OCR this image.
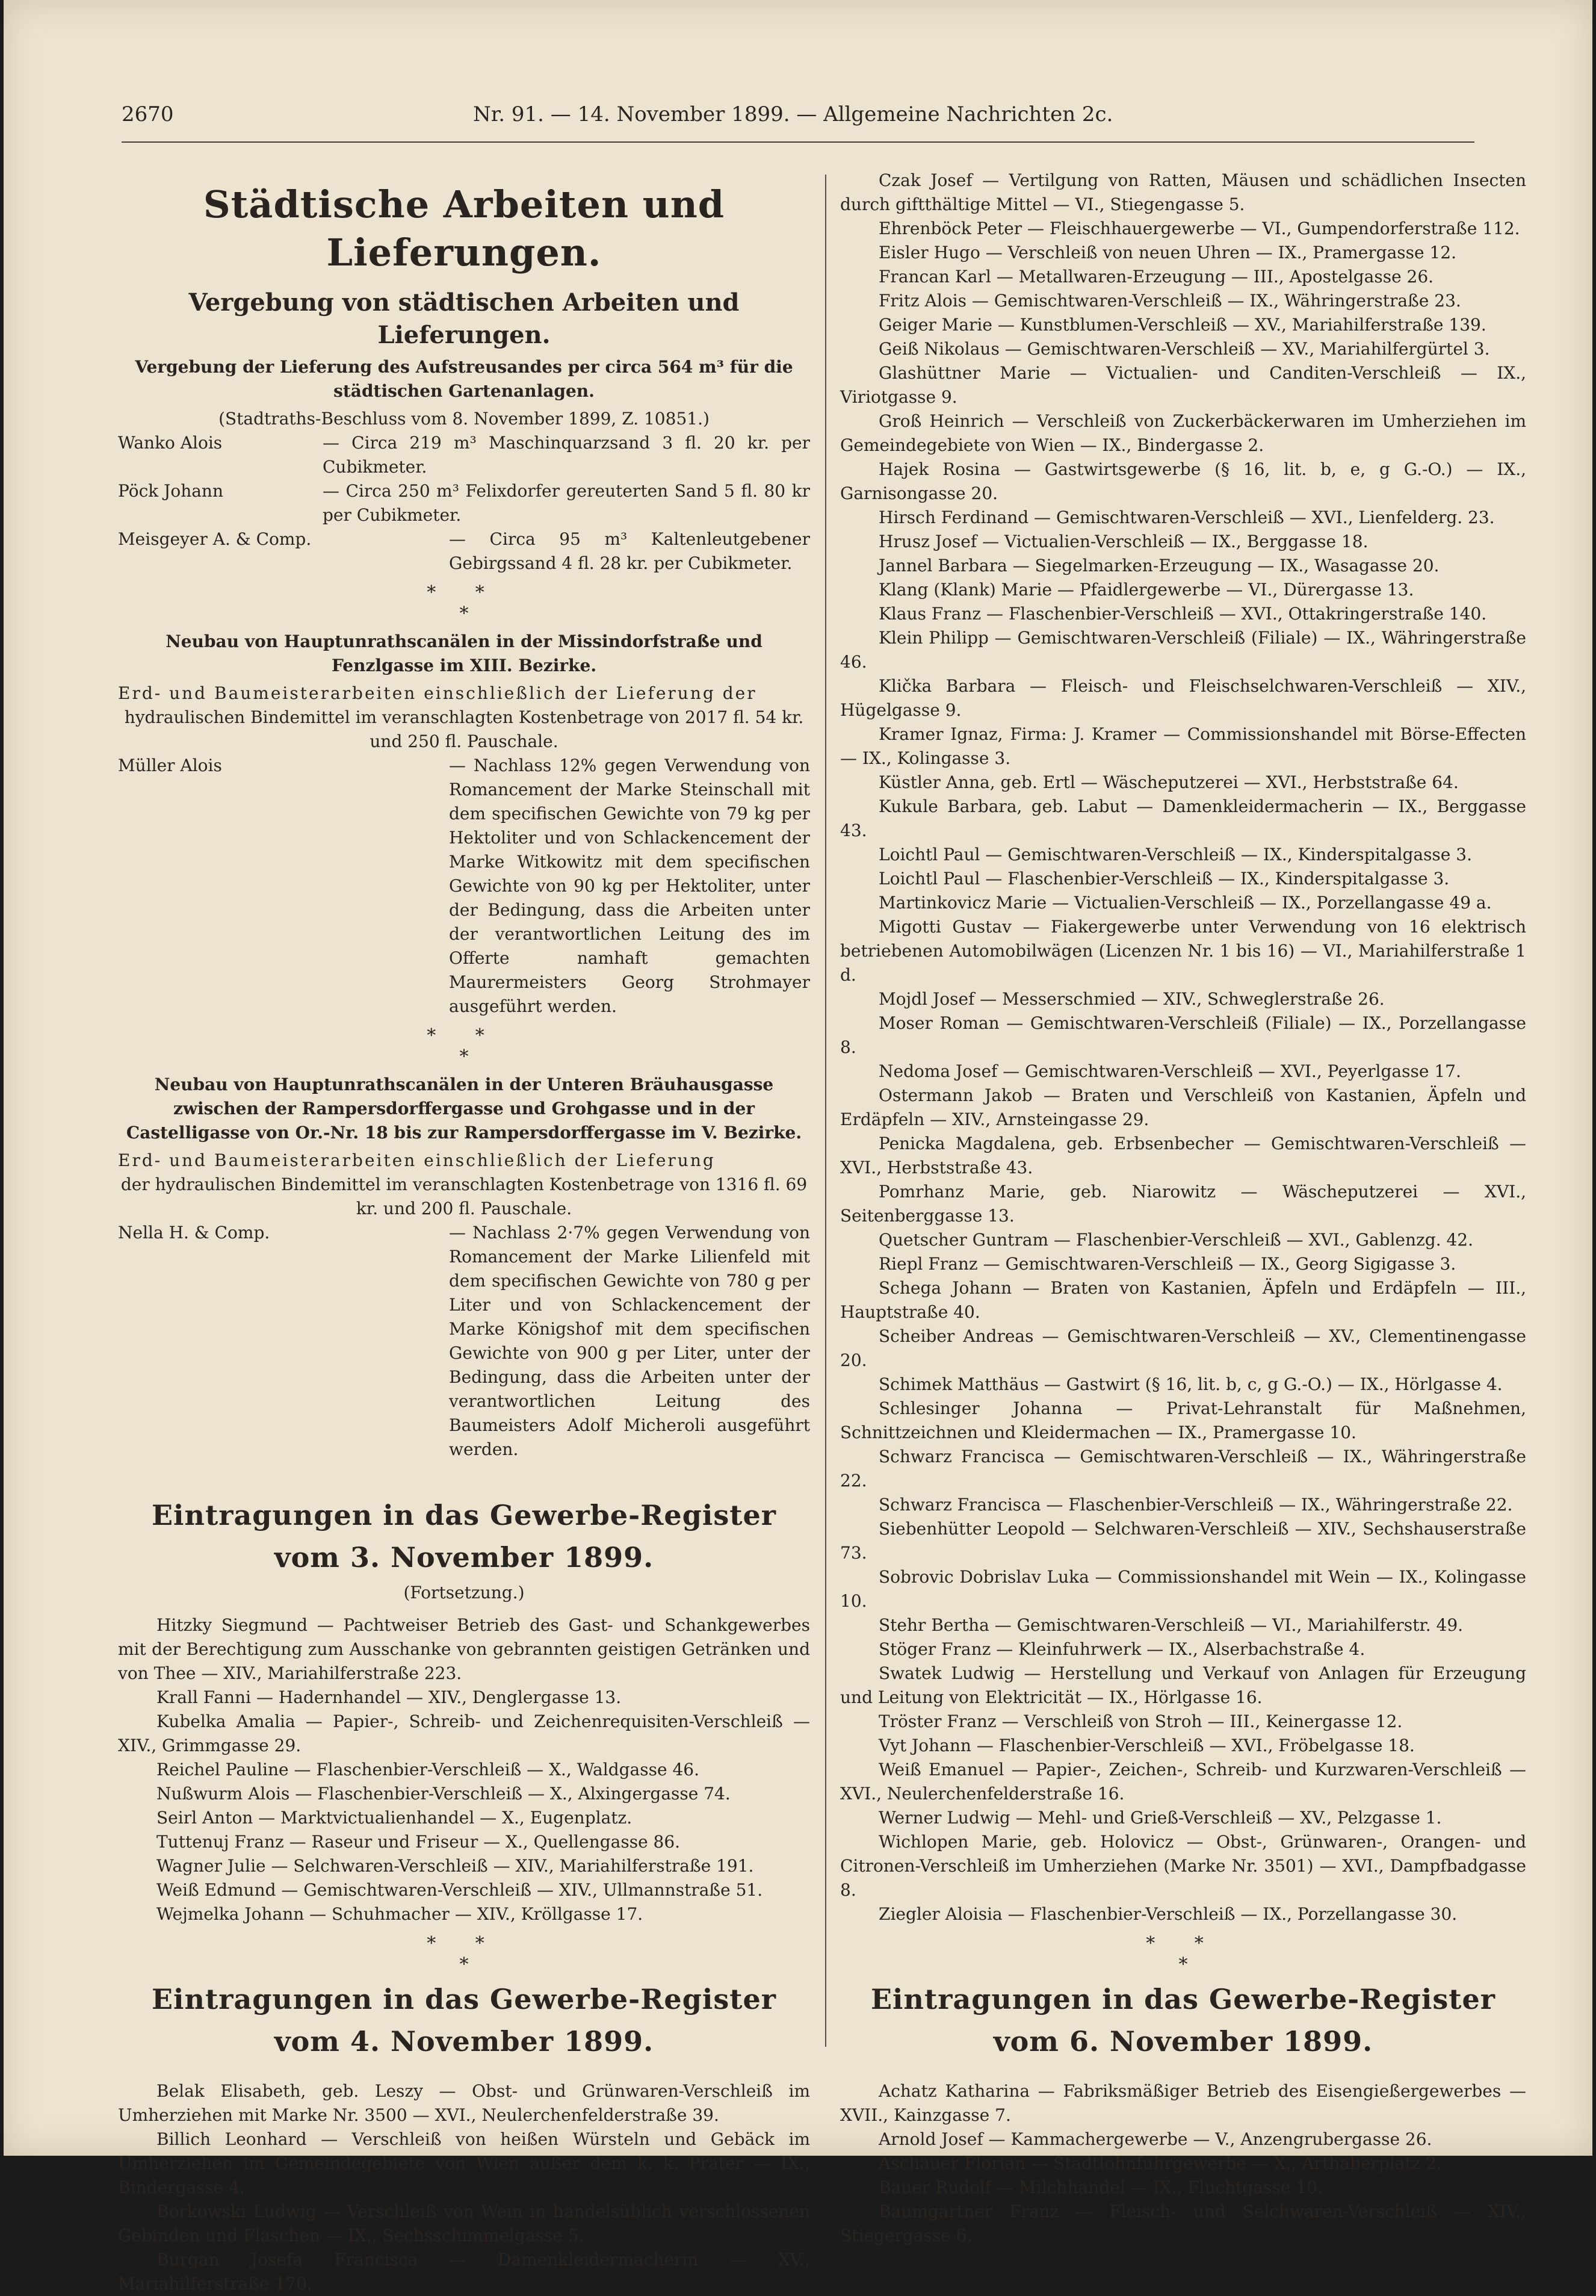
2670	Nr. 91. — 14. November 1899. — Allgemeine Nachrichten 2c.
Städtische Arbeiten und Lieferungen.
Vergebung von städtischen Arbeiten und Lieferungen.
Vergebung der Lieferung des Aufstreusandes per circa 564 m³ für die städtischen Gartenanlagen.
(Stadtraths-Beschluss vom 8. November 1899, Z. 10851.)
Wanko Alois	— Circa 219 m³ Maschinquarzsand 3 fl. 20 kr. per Cubikmeter.
Pöck Johann	— Circa 250 m³ Felixdorfer gereuterten Sand 5 fl. 80 kr per Cubikmeter.
Meisgeyer A. & Comp.	— Circa 95 m³ Kaltenleutgebener Gebirgssand 4 fl. 28 kr. per Cubikmeter.
* *
*
Neubau von Hauptunrathscanälen in der Missindorfstraße und Fenzlgasse im XIII. Bezirke.
Erd- und Baumeisterarbeiten einschließlich der Lieferung der
hydraulischen Bindemittel im veranschlagten Kostenbetrage von 2017 fl. 54 kr. und 250 fl. Pauschale.
Müller Alois	— Nachlass 12% gegen Verwendung von Romancement der Marke Steinschall mit dem specifischen Gewichte von 79 kg per Hektoliter und von Schlackencement der Marke Witkowitz mit dem specifischen Gewichte von 90 kg per Hektoliter, unter der Bedingung, dass die Arbeiten unter der verantwortlichen Leitung des im Offerte namhaft gemachten Maurermeisters Georg Strohmayer ausgeführt werden.
* *
*
Neubau von Hauptunrathscanälen in der Unteren Bräuhausgasse zwischen der Rampersdorffergasse und Grohgasse und in der Castelligasse von Or.-Nr. 18 bis zur Rampersdorffergasse im V. Bezirke.
Erd- und Baumeisterarbeiten einschließlich der Lieferung
der hydraulischen Bindemittel im veranschlagten Kostenbetrage von 1316 fl. 69 kr. und 200 fl. Pauschale.
Nella H. & Comp.	— Nachlass 2·7% gegen Verwendung von Romancement der Marke Lilienfeld mit dem specifischen Gewichte von 780 g per Liter und von Schlackencement der Marke Königshof mit dem specifischen Gewichte von 900 g per Liter, unter der Bedingung, dass die Arbeiten unter der verantwortlichen Leitung des Baumeisters Adolf Micheroli ausgeführt werden.
Eintragungen in das Gewerbe-Register
vom 3. November 1899.
(Fortsetzung.)

Hitzky Siegmund — Pachtweiser Betrieb des Gast- und Schankgewerbes mit der Berechtigung zum Ausschanke von gebrannten geistigen Getränken und von Thee — XIV., Mariahilferstraße 223.

Krall Fanni — Hadernhandel — XIV., Denglergasse 13.

Kubelka Amalia — Papier-, Schreib- und Zeichenrequisiten-Verschleiß — XIV., Grimmgasse 29.

Reichel Pauline — Flaschenbier-Verschleiß — X., Waldgasse 46.

Nußwurm Alois — Flaschenbier-Verschleiß — X., Alxingergasse 74.

Seirl Anton — Marktvictualienhandel — X., Eugenplatz.

Tuttenuj Franz — Raseur und Friseur — X., Quellengasse 86.

Wagner Julie — Selchwaren-Verschleiß — XIV., Mariahilferstraße 191.

Weiß Edmund — Gemischtwaren-Verschleiß — XIV., Ullmannstraße 51.

Wejmelka Johann — Schuhmacher — XIV., Kröllgasse 17.

* *
*
Eintragungen in das Gewerbe-Register
vom 4. November 1899.

Belak Elisabeth, geb. Leszy — Obst- und Grünwaren-Verschleiß im Umherziehen mit Marke Nr. 3500 — XVI., Neulerchenfelderstraße 39.

Billich Leonhard — Verschleiß von heißen Würsteln und Gebäck im Umherziehen im Gemeindegebiete von Wien außer dem k. k. Prater — IX., Bindergasse 4.

Borkowski Ludwig — Verschleiß von Wein in handelsüblich verschlossenen Gebinden und Flaschen — IX., Sechsschimmelgasse 5.

Burgan Josefa Francisca — Damenkleidermacherin — XV., Mariahilferstraße 170.

Czak Josef — Vertilgung von Ratten, Mäusen und schädlichen Insecten durch giftthältige Mittel — VI., Stiegengasse 5.

Ehrenböck Peter — Fleischhauergewerbe — VI., Gumpendorferstraße 112.

Eisler Hugo — Verschleiß von neuen Uhren — IX., Pramergasse 12.

Francan Karl — Metallwaren-Erzeugung — III., Apostelgasse 26.

Fritz Alois — Gemischtwaren-Verschleiß — IX., Währingerstraße 23.

Geiger Marie — Kunstblumen-Verschleiß — XV., Mariahilferstraße 139.

Geiß Nikolaus — Gemischtwaren-Verschleiß — XV., Mariahilfergürtel 3.

Glashüttner Marie — Victualien- und Canditen-Verschleiß — IX., Viriotgasse 9.

Groß Heinrich — Verschleiß von Zuckerbäckerwaren im Umherziehen im Gemeindegebiete von Wien — IX., Bindergasse 2.

Hajek Rosina — Gastwirtsgewerbe (§ 16, lit. b, e, g G.-O.) — IX., Garnisongasse 20.

Hirsch Ferdinand — Gemischtwaren-Verschleiß — XVI., Lienfelderg. 23.

Hrusz Josef — Victualien-Verschleiß — IX., Berggasse 18.

Jannel Barbara — Siegelmarken-Erzeugung — IX., Wasagasse 20.

Klang (Klank) Marie — Pfaidlergewerbe — VI., Dürergasse 13.

Klaus Franz — Flaschenbier-Verschleiß — XVI., Ottakringerstraße 140.

Klein Philipp — Gemischtwaren-Verschleiß (Filiale) — IX., Währingerstraße 46.

Klička Barbara — Fleisch- und Fleischselchwaren-Verschleiß — XIV., Hügelgasse 9.

Kramer Ignaz, Firma: J. Kramer — Commissionshandel mit Börse-Effecten — IX., Kolingasse 3.

Küstler Anna, geb. Ertl — Wäscheputzerei — XVI., Herbststraße 64.

Kukule Barbara, geb. Labut — Damenkleidermacherin — IX., Berggasse 43.

Loichtl Paul — Gemischtwaren-Verschleiß — IX., Kinderspitalgasse 3.

Loichtl Paul — Flaschenbier-Verschleiß — IX., Kinderspitalgasse 3.

Martinkovicz Marie — Victualien-Verschleiß — IX., Porzellangasse 49 a.

Migotti Gustav — Fiakergewerbe unter Verwendung von 16 elektrisch betriebenen Automobilwägen (Licenzen Nr. 1 bis 16) — VI., Mariahilferstraße 1 d.

Mojdl Josef — Messerschmied — XIV., Schweglerstraße 26.

Moser Roman — Gemischtwaren-Verschleiß (Filiale) — IX., Porzellangasse 8.

Nedoma Josef — Gemischtwaren-Verschleiß — XVI., Peyerlgasse 17.

Ostermann Jakob — Braten und Verschleiß von Kastanien, Äpfeln und Erdäpfeln — XIV., Arnsteingasse 29.

Penicka Magdalena, geb. Erbsenbecher — Gemischtwaren-Verschleiß — XVI., Herbststraße 43.

Pomrhanz Marie, geb. Niarowitz — Wäscheputzerei — XVI., Seitenberggasse 13.

Quetscher Guntram — Flaschenbier-Verschleiß — XVI., Gablenzg. 42.

Riepl Franz — Gemischtwaren-Verschleiß — IX., Georg Sigigasse 3.

Schega Johann — Braten von Kastanien, Äpfeln und Erdäpfeln — III., Hauptstraße 40.

Scheiber Andreas — Gemischtwaren-Verschleiß — XV., Clementinengasse 20.

Schimek Matthäus — Gastwirt (§ 16, lit. b, c, g G.-O.) — IX., Hörlgasse 4.

Schlesinger Johanna — Privat-Lehranstalt für Maßnehmen, Schnittzeichnen und Kleidermachen — IX., Pramergasse 10.

Schwarz Francisca — Gemischtwaren-Verschleiß — IX., Währingerstraße 22.

Schwarz Francisca — Flaschenbier-Verschleiß — IX., Währingerstraße 22.

Siebenhütter Leopold — Selchwaren-Verschleiß — XIV., Sechshauserstraße 73.

Sobrovic Dobrislav Luka — Commissionshandel mit Wein — IX., Kolingasse 10.

Stehr Bertha — Gemischtwaren-Verschleiß — VI., Mariahilferstr. 49.

Stöger Franz — Kleinfuhrwerk — IX., Alserbachstraße 4.

Swatek Ludwig — Herstellung und Verkauf von Anlagen für Erzeugung und Leitung von Elektricität — IX., Hörlgasse 16.

Tröster Franz — Verschleiß von Stroh — III., Keinergasse 12.

Vyt Johann — Flaschenbier-Verschleiß — XVI., Fröbelgasse 18.

Weiß Emanuel — Papier-, Zeichen-, Schreib- und Kurzwaren-Verschleiß — XVI., Neulerchenfelderstraße 16.

Werner Ludwig — Mehl- und Grieß-Verschleiß — XV., Pelzgasse 1.

Wichlopen Marie, geb. Holovicz — Obst-, Grünwaren-, Orangen- und Citronen-Verschleiß im Umherziehen (Marke Nr. 3501) — XVI., Dampfbadgasse 8.

Ziegler Aloisia — Flaschenbier-Verschleiß — IX., Porzellangasse 30.

* *
*
Eintragungen in das Gewerbe-Register
vom 6. November 1899.

Achatz Katharina — Fabriksmäßiger Betrieb des Eisengießergewerbes — XVII., Kainzgasse 7.

Arnold Josef — Kammachergewerbe — V., Anzengrubergasse 26.

Aschauer Florian — Stadtlohnfuhrgewerbe — X., Arthaberplatz 2.

Bauer Rudolf — Milchhandel — IX., Fluchtgasse 10.

Baumgartner Franz — Fleisch- und Selchwaren-Verschleiß — XIV., Stiegergasse 6.
